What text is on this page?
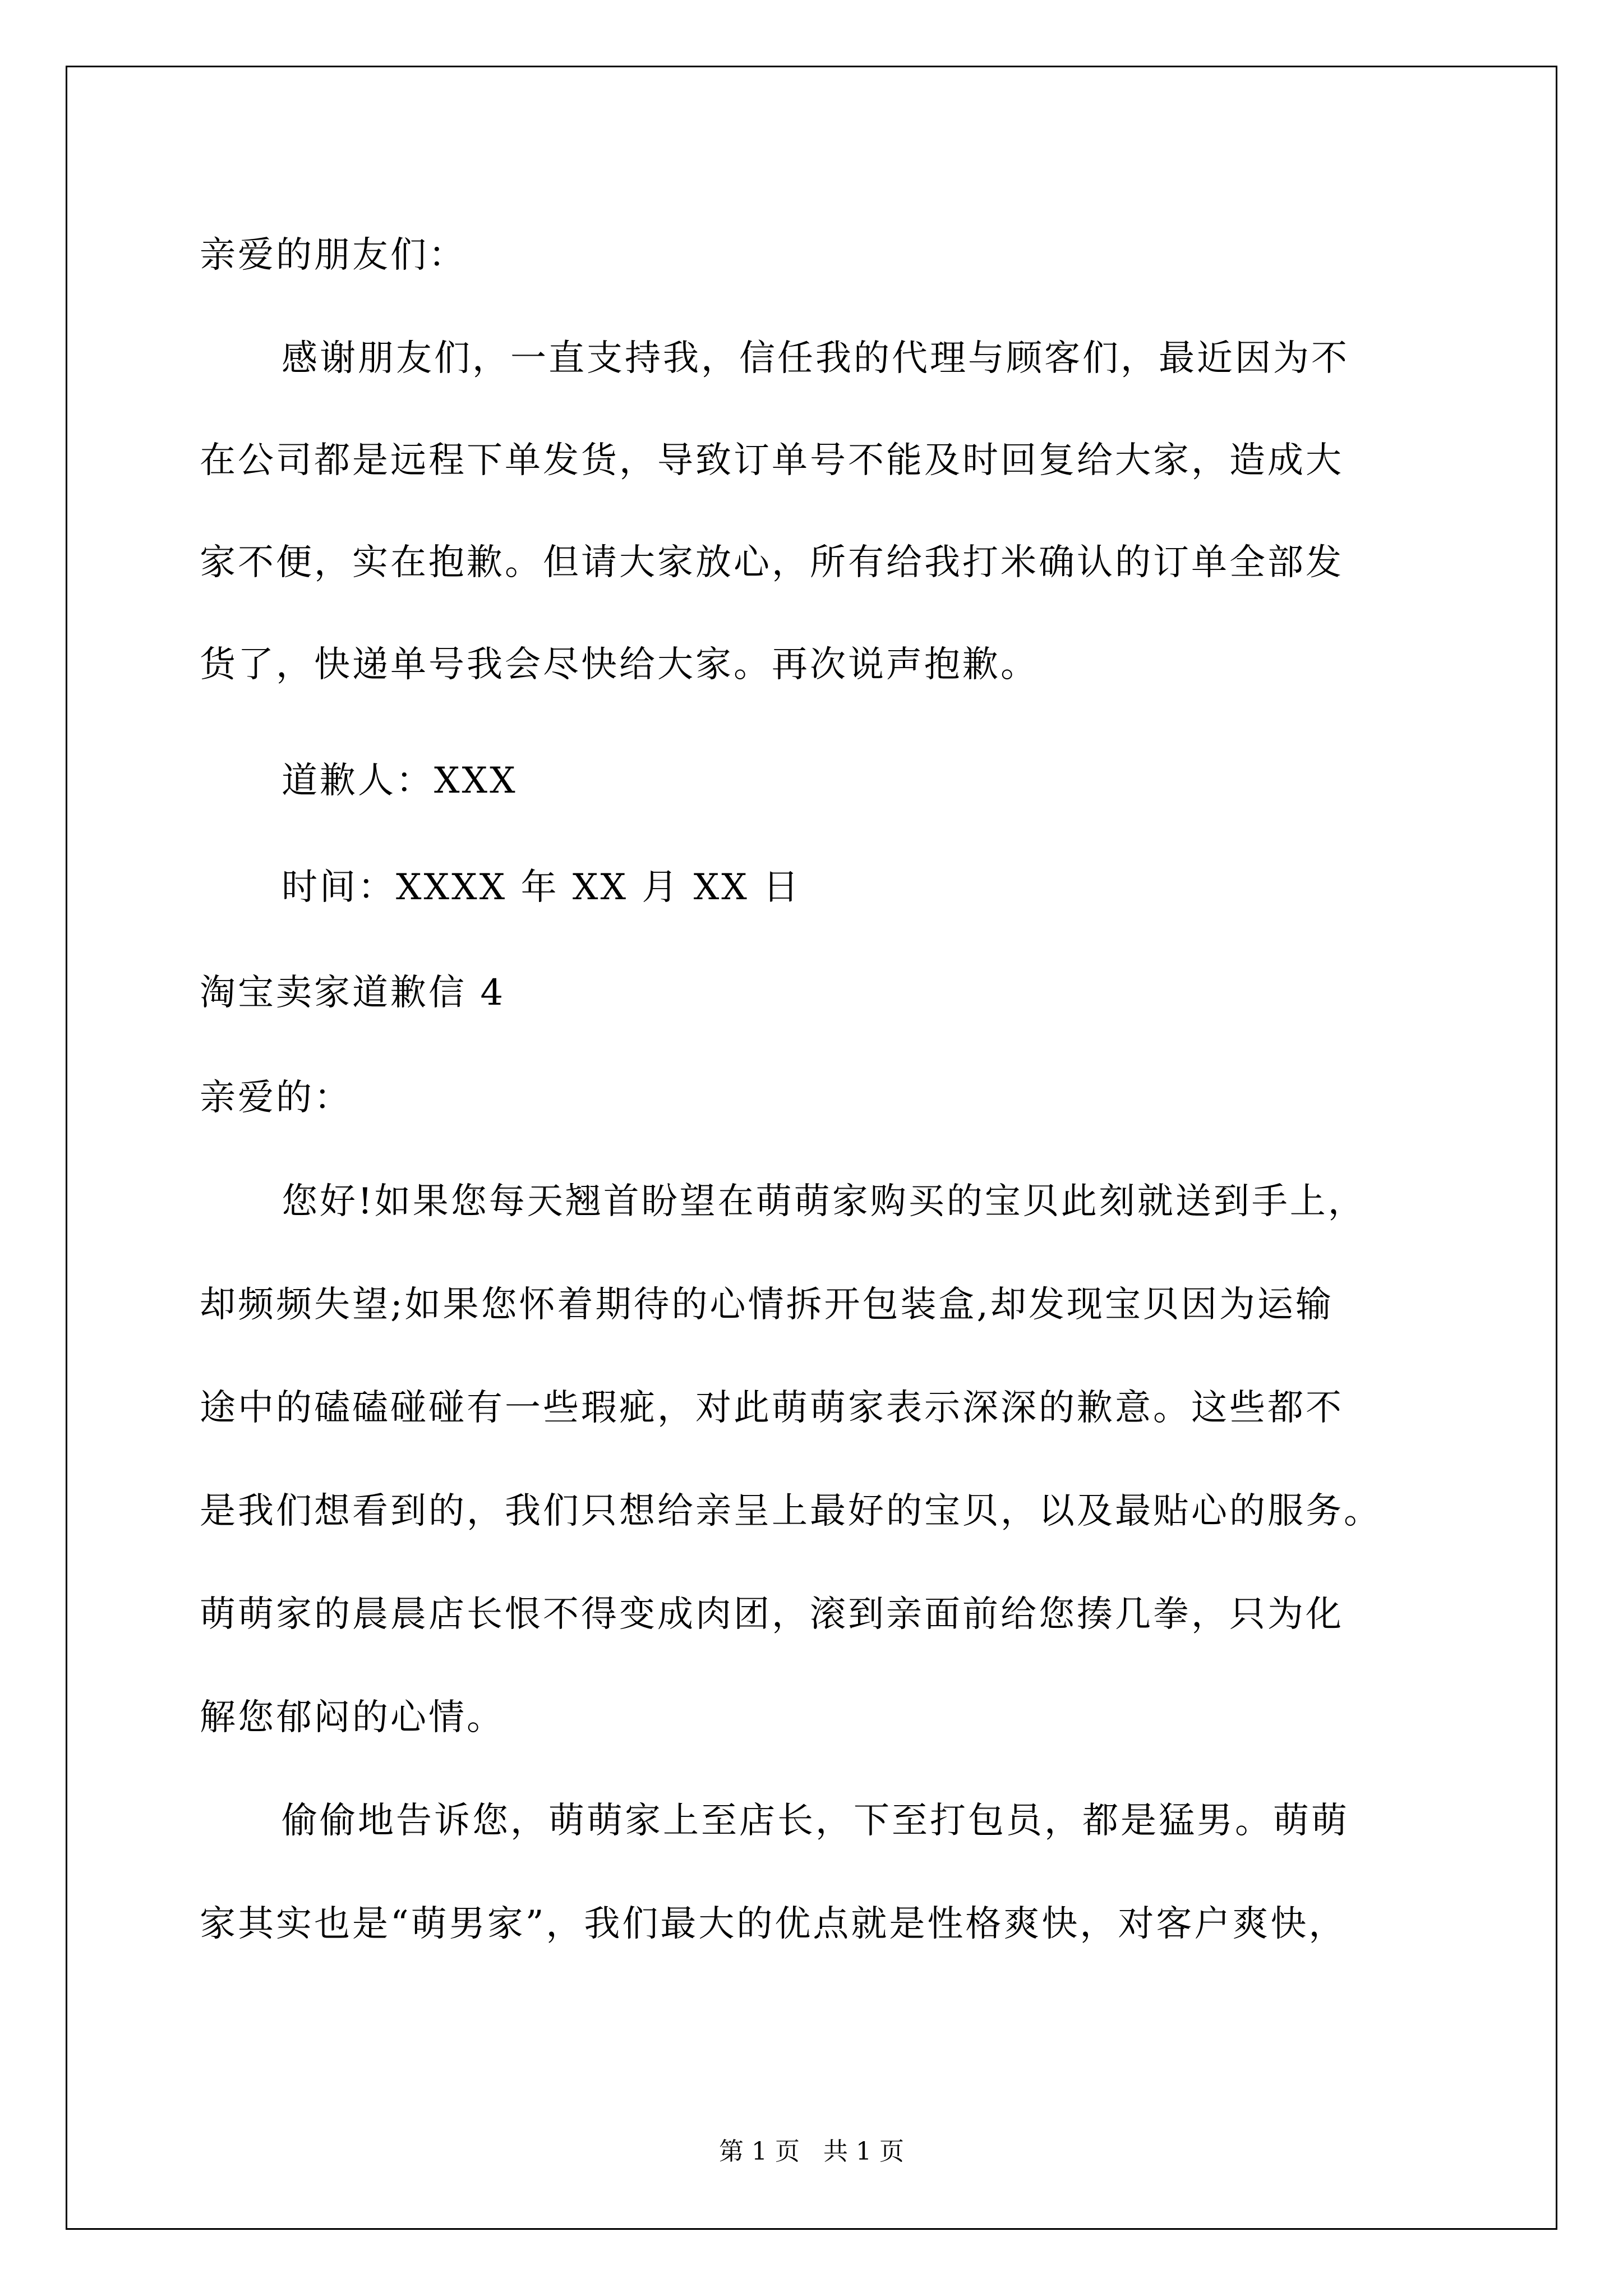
亲爱的朋友们：
感谢朋友们，一直支持我，信任我的代理与顾客们，最近因为不
在公司都是远程下单发货，导致订单号不能及时回复给大家，造成大
家不便，实在抱歉。但请大家放心，所有给我打米确认的订单全部发
货了，快递单号我会尽快给大家。再次说声抱歉。
道歉人：XXX
时间：XXXX 年 XX 月 XX 日
淘宝卖家道歉信 4
亲爱的：
您好!如果您每天翘首盼望在萌萌家购买的宝贝此刻就送到手上，
却频频失望;如果您怀着期待的心情拆开包装盒,却发现宝贝因为运输
途中的磕磕碰碰有一些瑕疵，对此萌萌家表示深深的歉意。这些都不
是我们想看到的，我们只想给亲呈上最好的宝贝，以及最贴心的服务。
萌萌家的晨晨店长恨不得变成肉团，滚到亲面前给您揍几拳，只为化
解您郁闷的心情。
偷偷地告诉您，萌萌家上至店长，下至打包员，都是猛男。萌萌
家其实也是“萌男家”，我们最大的优点就是性格爽快，对客户爽快，
第 1 页   共 1 页
